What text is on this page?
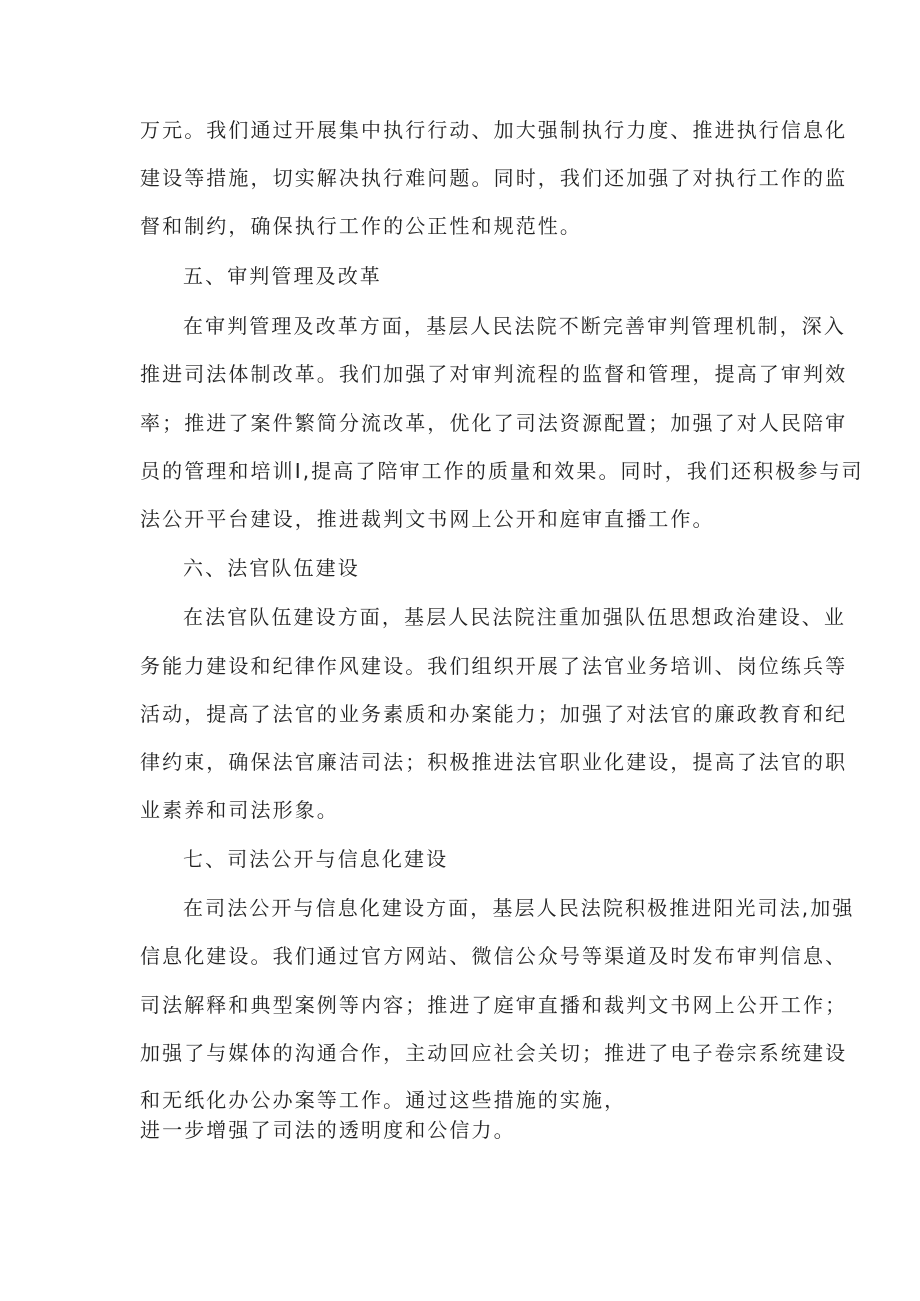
万元。我们通过开展集中执行行动、加大强制执行力度、推进执行信息化
建设等措施，切实解决执行难问题。同时，我们还加强了对执行工作的监
督和制约，确保执行工作的公正性和规范性。
五、审判管理及改革
在审判管理及改革方面，基层人民法院不断完善审判管理机制，深入
推进司法体制改革。我们加强了对审判流程的监督和管理，提高了审判效
率；推进了案件繁简分流改革，优化了司法资源配置；加强了对人民陪审
员的管理和培训I,提高了陪审工作的质量和效果。同时，我们还积极参与司
法公开平台建设，推进裁判文书网上公开和庭审直播工作。
六、法官队伍建设
在法官队伍建设方面，基层人民法院注重加强队伍思想政治建设、业
务能力建设和纪律作风建设。我们组织开展了法官业务培训、岗位练兵等
活动，提高了法官的业务素质和办案能力；加强了对法官的廉政教育和纪
律约束，确保法官廉洁司法；积极推进法官职业化建设，提高了法官的职
业素养和司法形象。
七、司法公开与信息化建设
在司法公开与信息化建设方面，基层人民法院积极推进阳光司法,加强
信息化建设。我们通过官方网站、微信公众号等渠道及时发布审判信息、
司法解释和典型案例等内容；推进了庭审直播和裁判文书网上公开工作；
加强了与媒体的沟通合作，主动回应社会关切；推进了电子卷宗系统建设
和无纸化办公办案等工作。通过这些措施的实施，
进一步增强了司法的透明度和公信力。
